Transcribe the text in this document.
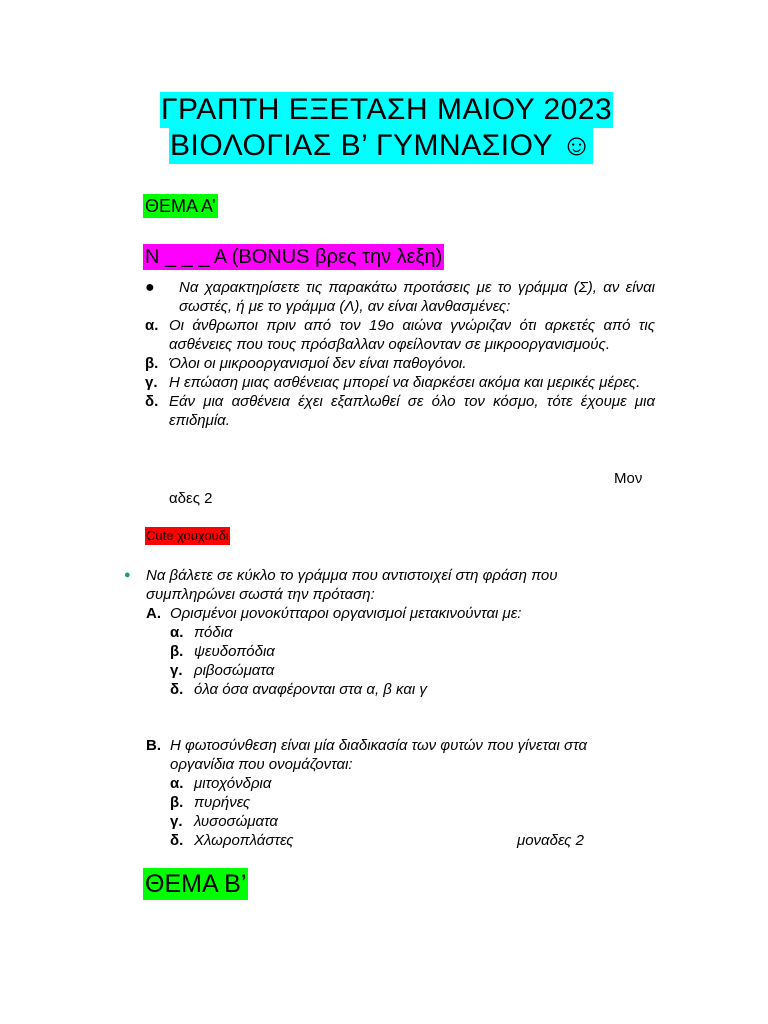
ΓΡΑΠΤΗ ΕΞΕΤΑΣΗ ΜΑΙΟΥ 2023
ΒΙΟΛΟΓΙΑΣ Β’ ΓΥΜΝΑΣΙΟΥ ☺
ΘΕΜΑ Α’
N _ _ _ A (BONUS βρες την λεξη)
●	Να χαρακτηρίσετε τις παρακάτω προτάσεις με το γράμμα (Σ), αν είναι σωστές, ή με το γράμμα (Λ), αν είναι λανθασμένες:
α. Οι άνθρωποι πριν από τον 19ο αιώνα γνώριζαν ότι αρκετές από τις ασθένειες που τους πρόσβαλλαν οφείλονταν σε μικροοργανισμούς.
β. Όλοι οι μικροοργανισμοί δεν είναι παθογόνοι.
γ. Η επώαση μιας ασθένειας μπορεί να διαρκέσει ακόμα και μερικές μέρες.
δ. Εάν μια ασθένεια έχει εξαπλωθεί σε όλο τον κόσμο, τότε έχουμε μια επιδημία.
Μον
αδες 2
Cute χουχουδι
●	Να βάλετε σε κύκλο το γράμμα που αντιστοιχεί στη φράση που συμπληρώνει σωστά την πρόταση:
Α. Ορισμένοι μονοκύτταροι οργανισμοί μετακινούνται με:
α. πόδια
β. ψευδοπόδια
γ. ριβοσώματα
δ. όλα όσα αναφέρονται στα α, β και γ
Β. Η φωτοσύνθεση είναι μία διαδικασία των φυτών που γίνεται στα οργανίδια που ονομάζονται:
α. μιτοχόνδρια
β. πυρήνες
γ. λυσοσώματα
δ. Χλωροπλάστες	μοναδες 2
ΘΕΜΑ Β’
